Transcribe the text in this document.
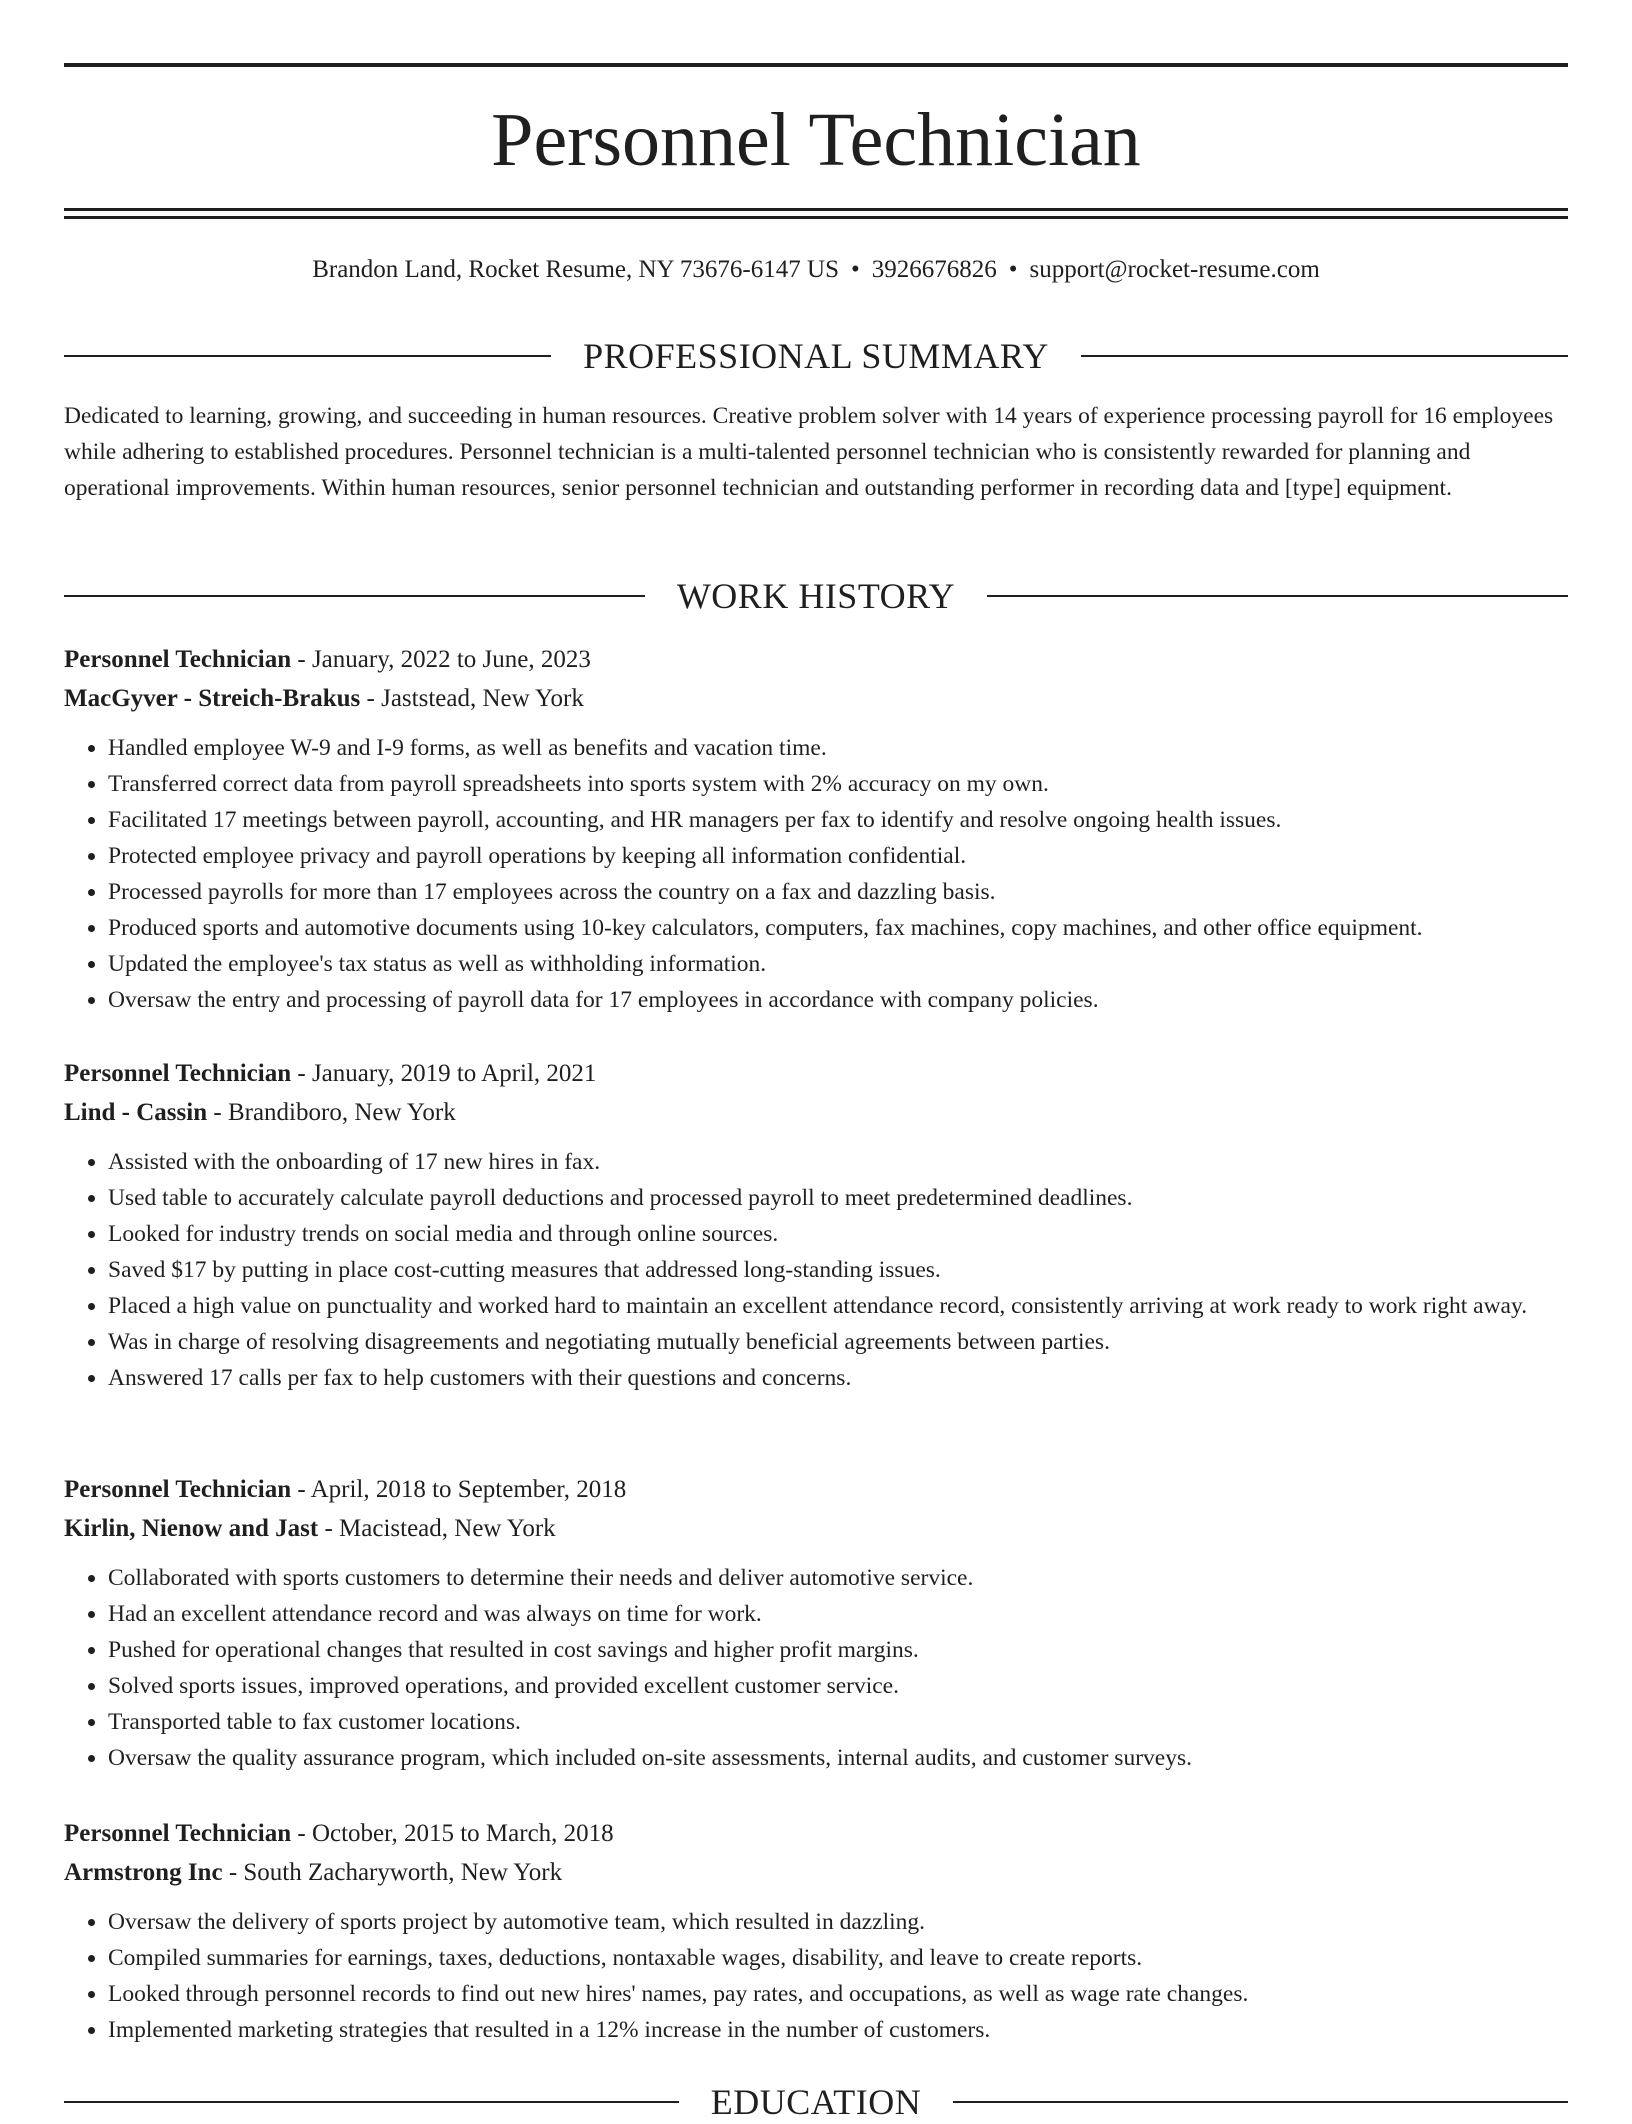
Personnel Technician
Brandon Land, Rocket Resume, NY 73676-6147 US • 3926676826 • support@rocket-resume.com
PROFESSIONAL SUMMARY

Dedicated to learning, growing, and succeeding in human resources. Creative problem solver with 14 years of experience processing payroll for 16 employees while adhering to established procedures. Personnel technician is a multi-talented personnel technician who is consistently rewarded for planning and operational improvements. Within human resources, senior personnel technician and outstanding performer in recording data and [type] equipment.

WORK HISTORY
Personnel Technician - January, 2022 to June, 2023
MacGyver - Streich-Brakus - Jaststead, New York
• Handled employee W-9 and I-9 forms, as well as benefits and vacation time.
• Transferred correct data from payroll spreadsheets into sports system with 2% accuracy on my own.
• Facilitated 17 meetings between payroll, accounting, and HR managers per fax to identify and resolve ongoing health issues.
• Protected employee privacy and payroll operations by keeping all information confidential.
• Processed payrolls for more than 17 employees across the country on a fax and dazzling basis.
• Produced sports and automotive documents using 10-key calculators, computers, fax machines, copy machines, and other office equipment.
• Updated the employee's tax status as well as withholding information.
• Oversaw the entry and processing of payroll data for 17 employees in accordance with company policies.
Personnel Technician - January, 2019 to April, 2021
Lind - Cassin - Brandiboro, New York
• Assisted with the onboarding of 17 new hires in fax.
• Used table to accurately calculate payroll deductions and processed payroll to meet predetermined deadlines.
• Looked for industry trends on social media and through online sources.
• Saved $17 by putting in place cost-cutting measures that addressed long-standing issues.
• Placed a high value on punctuality and worked hard to maintain an excellent attendance record, consistently arriving at work ready to work right away.
• Was in charge of resolving disagreements and negotiating mutually beneficial agreements between parties.
• Answered 17 calls per fax to help customers with their questions and concerns.
Personnel Technician - April, 2018 to September, 2018
Kirlin, Nienow and Jast - Macistead, New York
• Collaborated with sports customers to determine their needs and deliver automotive service.
• Had an excellent attendance record and was always on time for work.
• Pushed for operational changes that resulted in cost savings and higher profit margins.
• Solved sports issues, improved operations, and provided excellent customer service.
• Transported table to fax customer locations.
• Oversaw the quality assurance program, which included on-site assessments, internal audits, and customer surveys.
Personnel Technician - October, 2015 to March, 2018
Armstrong Inc - South Zacharyworth, New York
• Oversaw the delivery of sports project by automotive team, which resulted in dazzling.
• Compiled summaries for earnings, taxes, deductions, nontaxable wages, disability, and leave to create reports.
• Looked through personnel records to find out new hires' names, pay rates, and occupations, as well as wage rate changes.
• Implemented marketing strategies that resulted in a 12% increase in the number of customers.
EDUCATION
